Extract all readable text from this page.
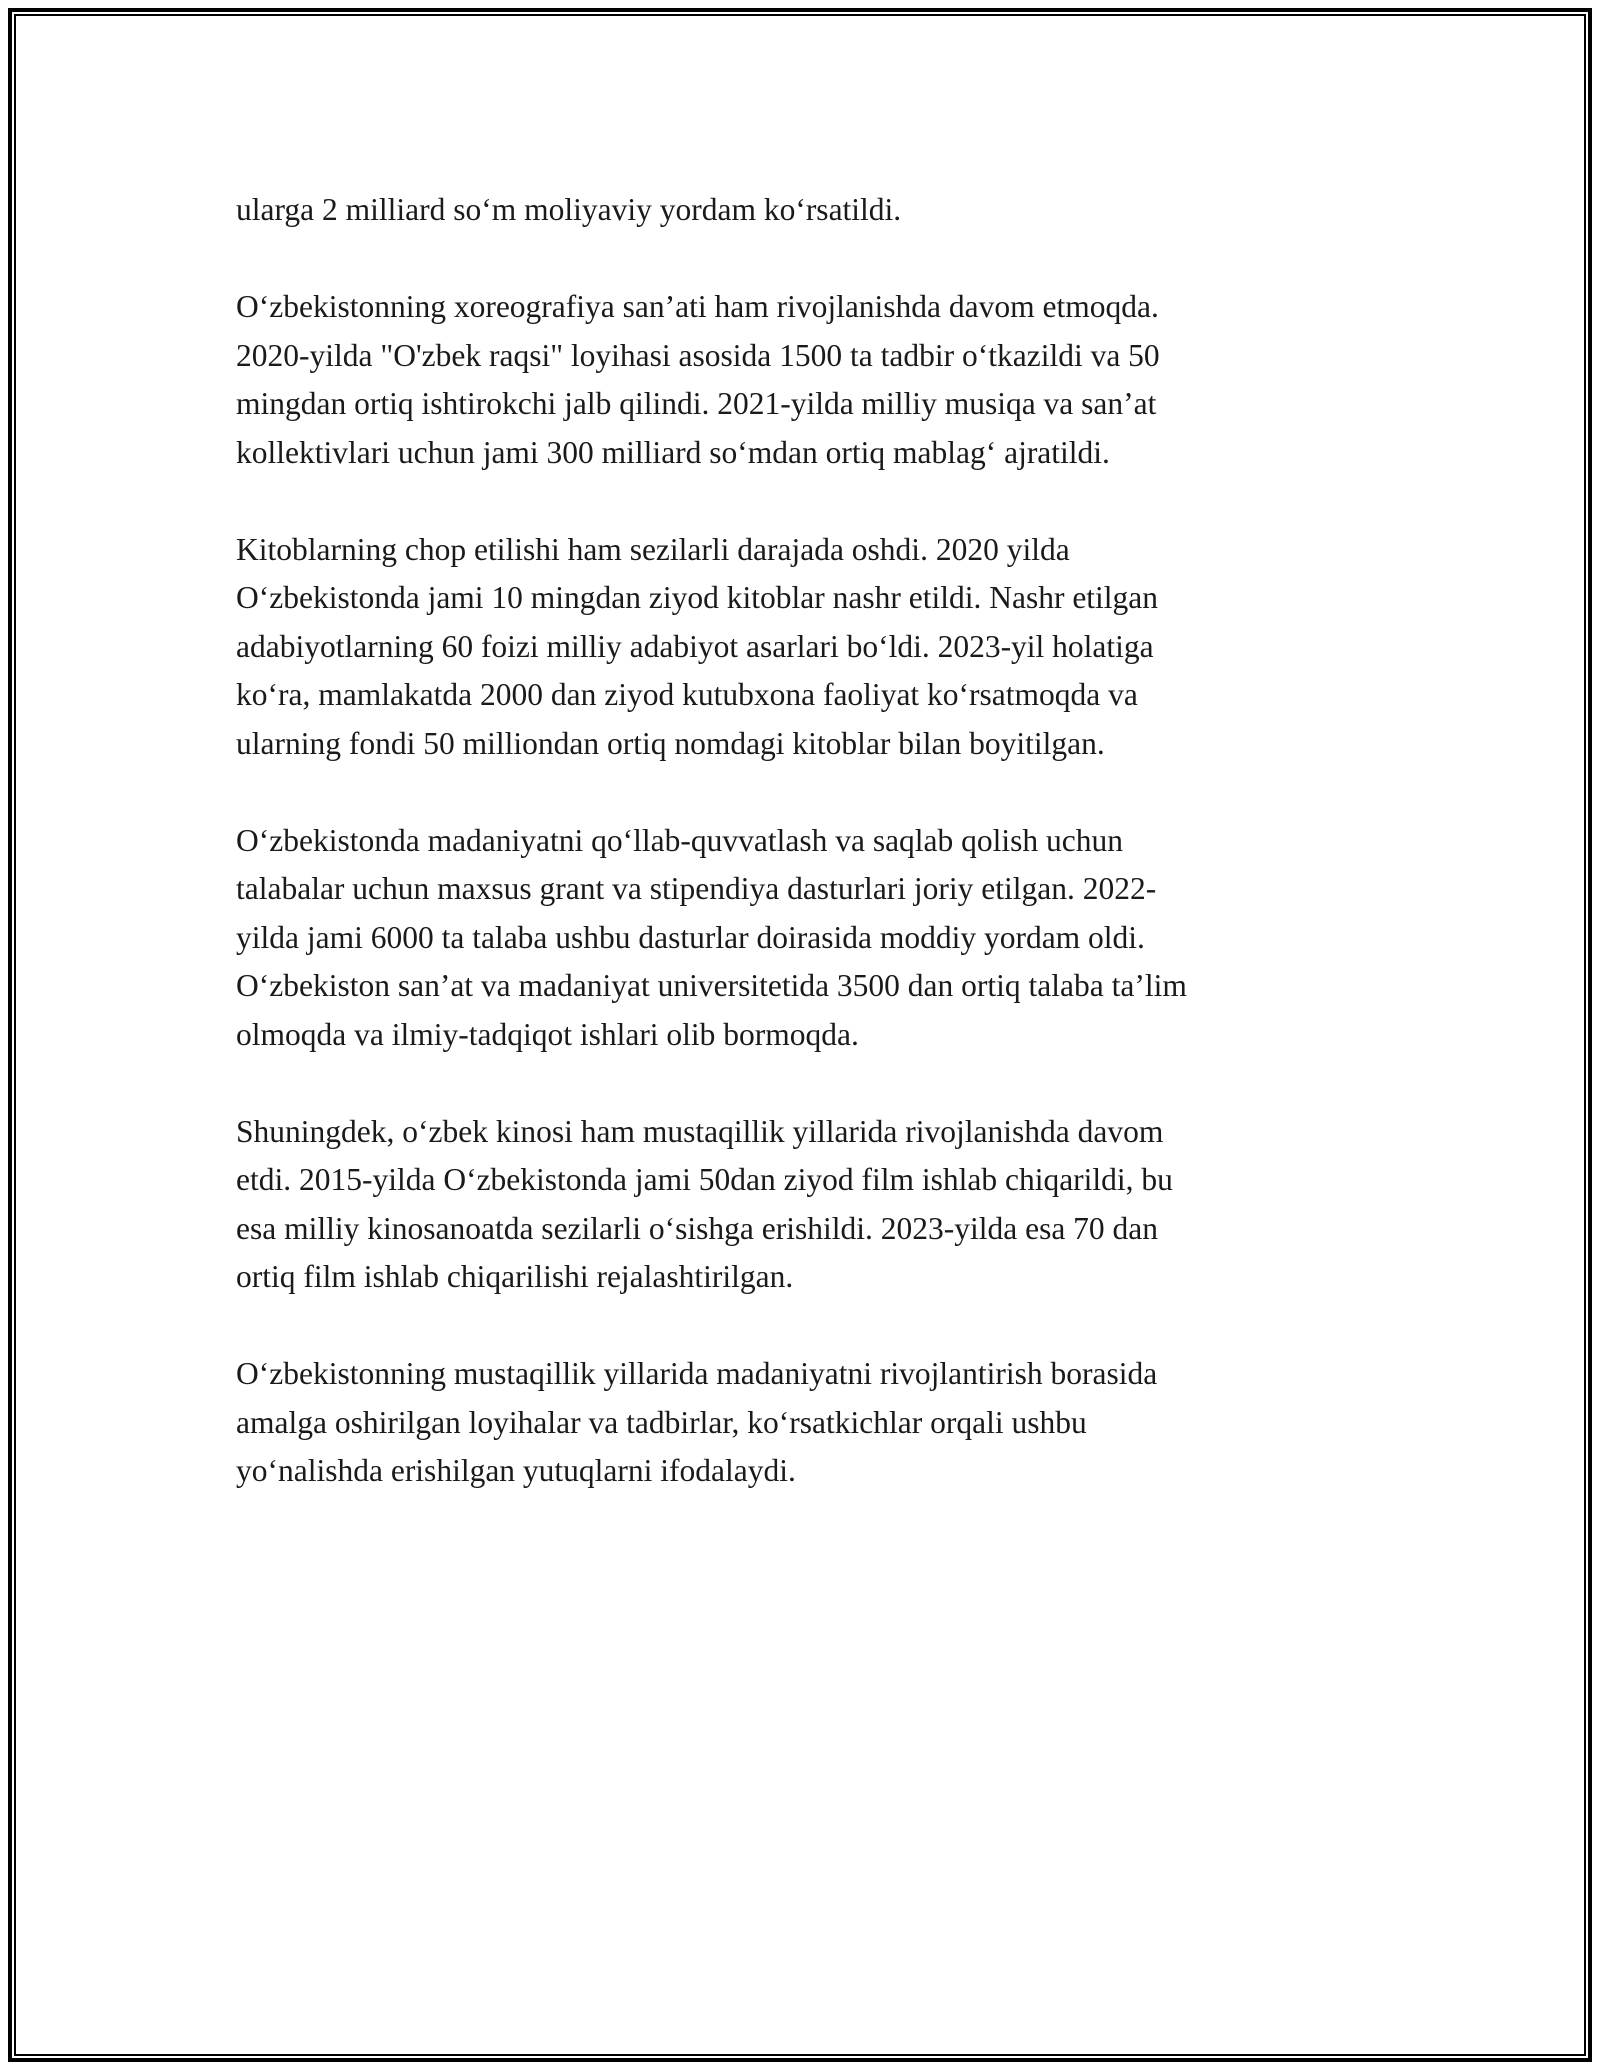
ularga 2 milliard so‘m moliyaviy yordam ko‘rsatildi.

O‘zbekistonning xoreografiya san’ati ham rivojlanishda davom etmoqda.
2020-yilda "O'zbek raqsi" loyihasi asosida 1500 ta tadbir o‘tkazildi va 50
mingdan ortiq ishtirokchi jalb qilindi. 2021-yilda milliy musiqa va san’at
kollektivlari uchun jami 300 milliard so‘mdan ortiq mablag‘ ajratildi.

Kitoblarning chop etilishi ham sezilarli darajada oshdi. 2020 yilda
O‘zbekistonda jami 10 mingdan ziyod kitoblar nashr etildi. Nashr etilgan
adabiyotlarning 60 foizi milliy adabiyot asarlari bo‘ldi. 2023-yil holatiga
ko‘ra, mamlakatda 2000 dan ziyod kutubxona faoliyat ko‘rsatmoqda va
ularning fondi 50 milliondan ortiq nomdagi kitoblar bilan boyitilgan.

O‘zbekistonda madaniyatni qo‘llab-quvvatlash va saqlab qolish uchun
talabalar uchun maxsus grant va stipendiya dasturlari joriy etilgan. 2022-
yilda jami 6000 ta talaba ushbu dasturlar doirasida moddiy yordam oldi.
O‘zbekiston san’at va madaniyat universitetida 3500 dan ortiq talaba ta’lim
olmoqda va ilmiy-tadqiqot ishlari olib bormoqda.

Shuningdek, o‘zbek kinosi ham mustaqillik yillarida rivojlanishda davom
etdi. 2015-yilda O‘zbekistonda jami 50dan ziyod film ishlab chiqarildi, bu
esa milliy kinosanoatda sezilarli o‘sishga erishildi. 2023-yilda esa 70 dan
ortiq film ishlab chiqarilishi rejalashtirilgan.

O‘zbekistonning mustaqillik yillarida madaniyatni rivojlantirish borasida
amalga oshirilgan loyihalar va tadbirlar, ko‘rsatkichlar orqali ushbu
yo‘nalishda erishilgan yutuqlarni ifodalaydi.
